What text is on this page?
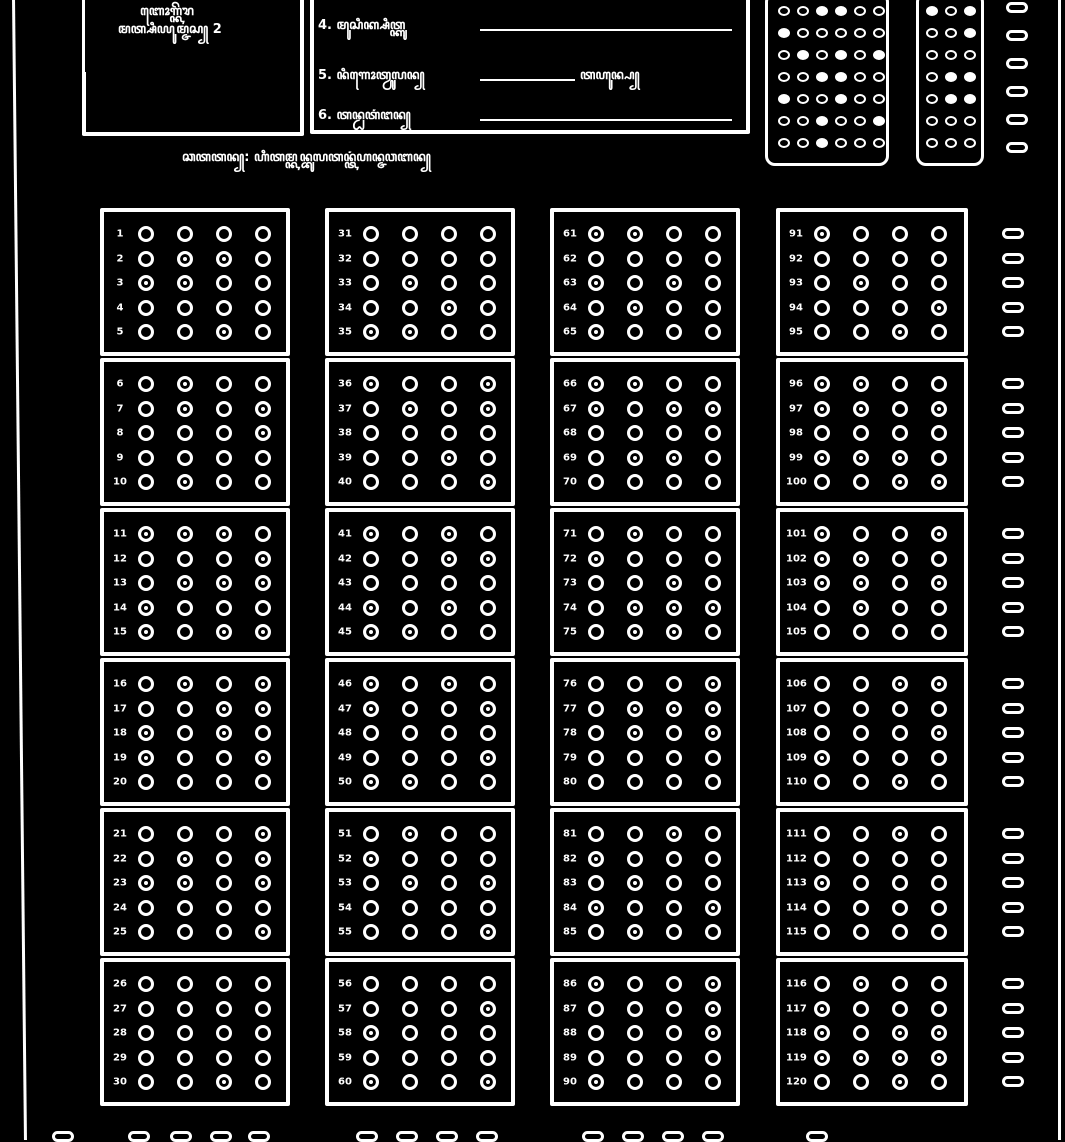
ꦧꦺꦴꦒ꧀ꦏꦼꦫ
ꦩꦠ꧀ꦱꦶꦪꦸꦩ꧀ꦗꦱ꧀ 2	4. ꦩꦸꦱꦶꦏ꧀ꦱꦶꦠ꧀ꦏꦸ
5. ꦤꦶꦒꦺꦴꦠ꧀ꦮꦸꦭꦤ꧀	ꦠꦲꦸꦤ꧀ꦥ꧀
6. ꦠꦤ꧀ꦝꦠꦁꦔꦤ꧀
ꦕꦠꦠꦤ꧀: ꦲꦶꦠꦩ꧀ꦏꦤ꧀ꦧꦸꦭꦠꦤ꧀ꦠꦁꦲꦤ꧀ꦗꦮꦧꦤ꧀
1
2
3
4
5
6
7
8
9
10
11
12
13
14
15
16
17
18
19
20
21
22
23
24
25
26
27
28
29
30
31
32
33
34
35
36
37
38
39
40
41
42
43
44
45
46
47
48
49
50
51
52
53
54
55
56
57
58
59
60
61
62
63
64
65
66
67
68
69
70
71
72
73
74
75
76
77
78
79
80
81
82
83
84
85
86
87
88
89
90
91
92
93
94
95
96
97
98
99
100
101
102
103
104
105
106
107
108
109
110
111
112
113
114
115
116
117
118
119
120
